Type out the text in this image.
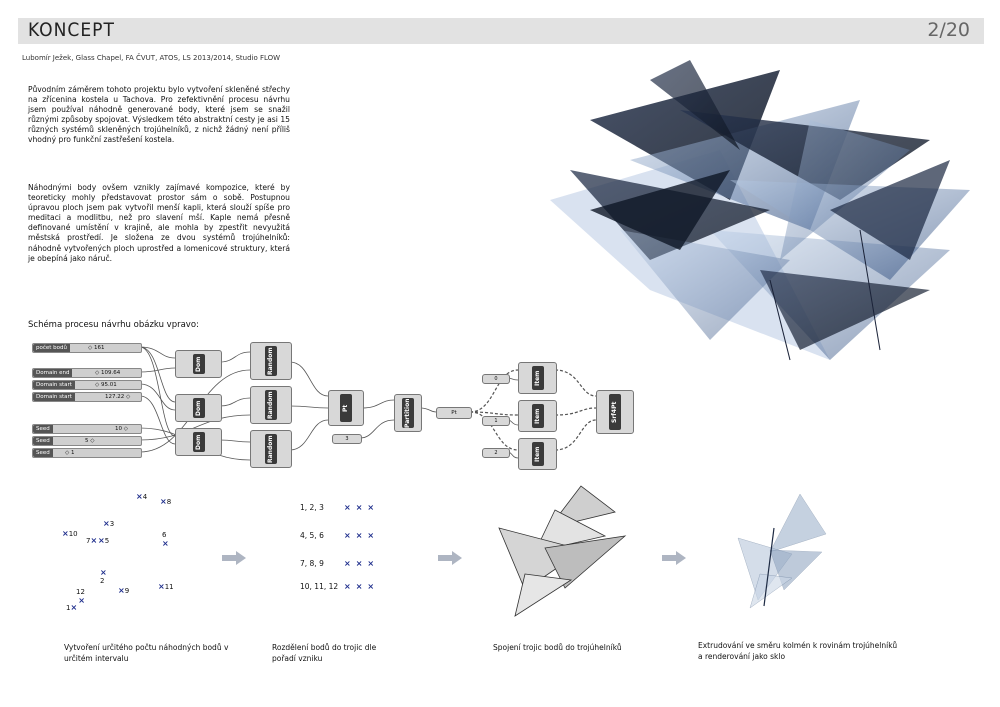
KONCEPT	2/20
Lubomír Ježek, Glass Chapel, FA ČVUT, ATOS, LS 2013/2014, Studio FLOW
Původním záměrem tohoto projektu bylo vytvoření skleněné střechy na zřícenina kostela u Tachova. Pro zefektivnění procesu návrhu jsem používal náhodně generované body, které jsem se snažil různými způsoby spojovat. Výsledkem této abstraktní cesty je asi 15 různých systémů skleněných trojúhelníků, z nichž žádný není příliš vhodný pro funkční zastřešení kostela.
Náhodnými body ovšem vznikly zajímavé kompozice, které by teoreticky mohly představovat prostor sám o sobě. Postupnou úpravou ploch jsem pak vytvořil menší kapli, která slouží spíše pro meditaci a modlitbu, než pro slavení mší. Kaple nemá přesně definované umístění v krajině, ale mohla by zpestřit nevyužitá městská prostředí. Je složena ze dvou systémů trojúhelníků: náhodně vytvořených ploch uprostřed a lomenicové struktury, která je obepíná jako náruč.
Schéma procesu návrhu obázku vpravo:
počet bodů	◇ 161
Domain end	◇ 109.64
Domain start	◇ 95.01
Domain start	127.22 ◇
Seed	10 ◇
Seed	5 ◇
Seed	◇ 1
Dom
Dom
Dom
Random
Random
Random
Pt
3
Partition	Pt
0
1
2
Item
Item
Item
Srf4Pt
×4 ×8
×3
×10
7× ×5
6
×
×
2
12
×
×9	×11
1×
1, 2, 3	×××
4, 5, 6	×××
7, 8, 9	×××
10, 11, 12 ×××
Vytvoření určitého počtu náhodných bodů v určitém intervalu
Rozdělení bodů do trojic dle pořadí vzniku
Spojení trojic bodů do trojúhelníků	Extrudování ve směru kolmén k rovinám trojúhelníků a renderování jako sklo
